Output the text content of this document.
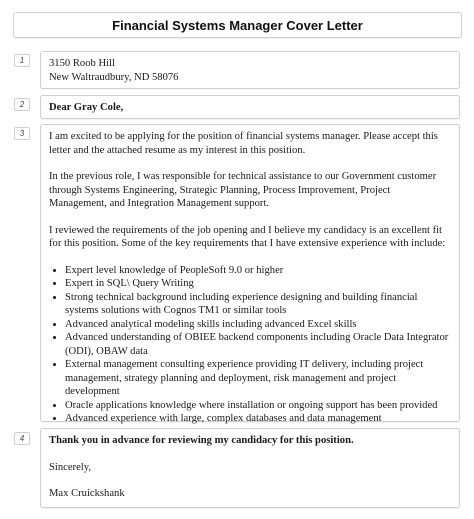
Financial Systems Manager Cover Letter
1	3150 Roob Hill

New Waltraudbury, ND 58076

2	Dear Gray Cole,

3	I am excited to be applying for the position of financial systems manager. Please accept this letter and the attached resume as my interest in this position.

In the previous role, I was responsible for technical assistance to our Government customer through Systems Engineering, Strategic Planning, Process Improvement, Project Management, and Integration Management support.

I reviewed the requirements of the job opening and I believe my candidacy is an excellent fit for this position. Some of the key requirements that I have extensive experience with include:

• Expert level knowledge of PeopleSoft 9.0 or higher
• Expert in SQL\ Query Writing
• Strong technical background including experience designing and building financial systems solutions with Cognos TM1 or similar tools
• Advanced analytical modeling skills including advanced Excel skills
• Advanced understanding of OBIEE backend components including Oracle Data Integrator (ODI), OBAW data
• External management consulting experience providing IT delivery, including project management, strategy planning and deployment, risk management and project development
• Oracle applications knowledge where installation or ongoing support has been provided
• Advanced experience with large, complex databases and data management
4	Thank you in advance for reviewing my candidacy for this position.

Sincerely,

Max Cruickshank
